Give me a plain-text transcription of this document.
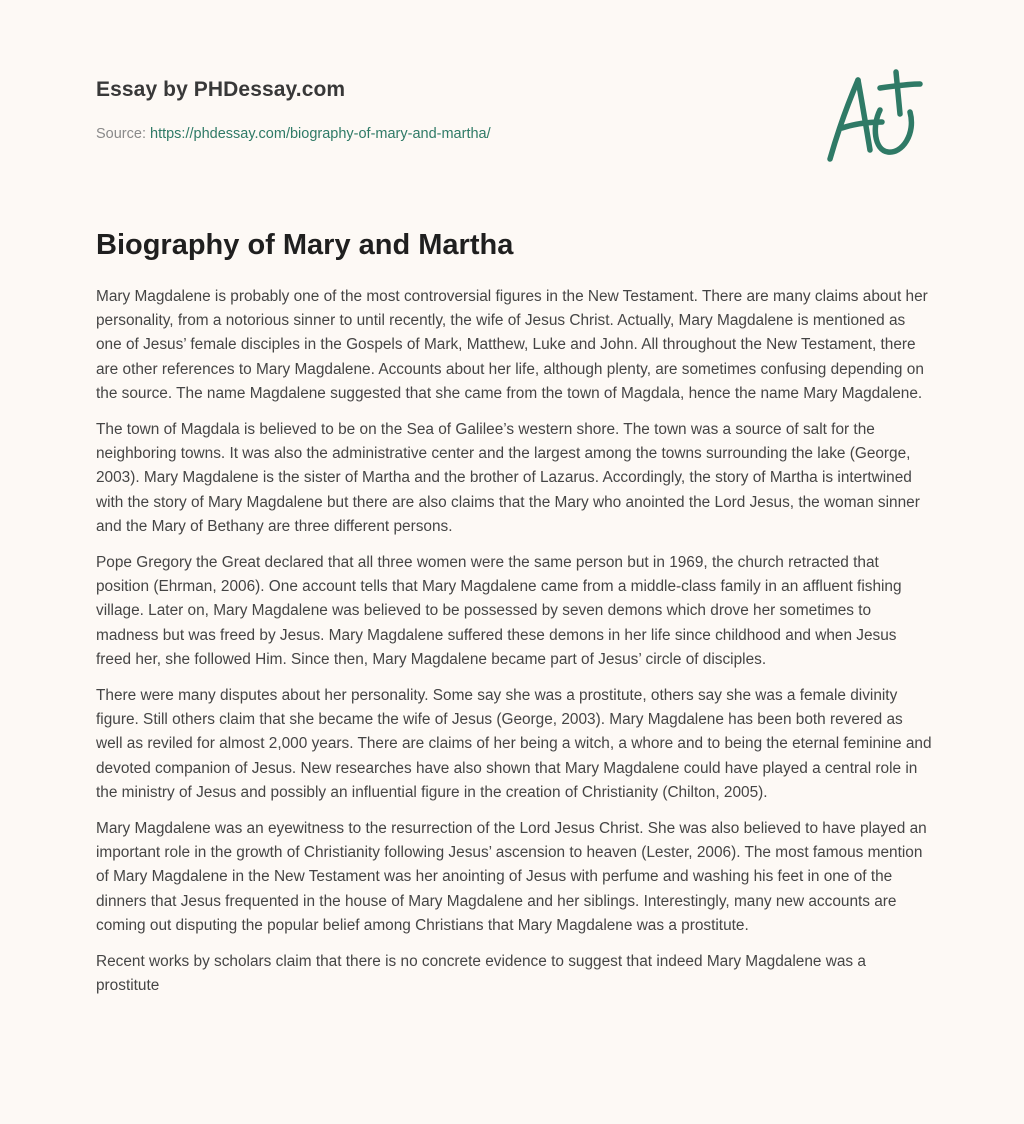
Essay by PHDessay.com
Source: https://phdessay.com/biography-of-mary-and-martha/
Biography of Mary and Martha

Mary Magdalene is probably one of the most controversial figures in the New Testament. There are many claims about her personality, from a notorious sinner to until recently, the wife of Jesus Christ. Actually, Mary Magdalene is mentioned as one of Jesus’ female disciples in the Gospels of Mark, Matthew, Luke and John. All throughout the New Testament, there are other references to Mary Magdalene. Accounts about her life, although plenty, are sometimes confusing depending on the source. The name Magdalene suggested that she came from the town of Magdala, hence the name Mary Magdalene.

The town of Magdala is believed to be on the Sea of Galilee’s western shore. The town was a source of salt for the neighboring towns. It was also the administrative center and the largest among the towns surrounding the lake (George, 2003). Mary Magdalene is the sister of Martha and the brother of Lazarus. Accordingly, the story of Martha is intertwined with the story of Mary Magdalene but there are also claims that the Mary who anointed the Lord Jesus, the woman sinner and the Mary of Bethany are three different persons.

Pope Gregory the Great declared that all three women were the same person but in 1969, the church retracted that position (Ehrman, 2006). One account tells that Mary Magdalene came from a middle-class family in an affluent fishing village. Later on, Mary Magdalene was believed to be possessed by seven demons which drove her sometimes to madness but was freed by Jesus. Mary Magdalene suffered these demons in her life since childhood and when Jesus freed her, she followed Him. Since then, Mary Magdalene became part of Jesus’ circle of disciples.

There were many disputes about her personality. Some say she was a prostitute, others say she was a female divinity figure. Still others claim that she became the wife of Jesus (George, 2003). Mary Magdalene has been both revered as well as reviled for almost 2,000 years. There are claims of her being a witch, a whore and to being the eternal feminine and devoted companion of Jesus. New researches have also shown that Mary Magdalene could have played a central role in the ministry of Jesus and possibly an influential figure in the creation of Christianity (Chilton, 2005).

Mary Magdalene was an eyewitness to the resurrection of the Lord Jesus Christ. She was also believed to have played an important role in the growth of Christianity following Jesus’ ascension to heaven (Lester, 2006). The most famous mention of Mary Magdalene in the New Testament was her anointing of Jesus with perfume and washing his feet in one of the dinners that Jesus frequented in the house of Mary Magdalene and her siblings. Interestingly, many new accounts are coming out disputing the popular belief among Christians that Mary Magdalene was a prostitute.

Recent works by scholars claim that there is no concrete evidence to suggest that indeed Mary Magdalene was a prostitute
